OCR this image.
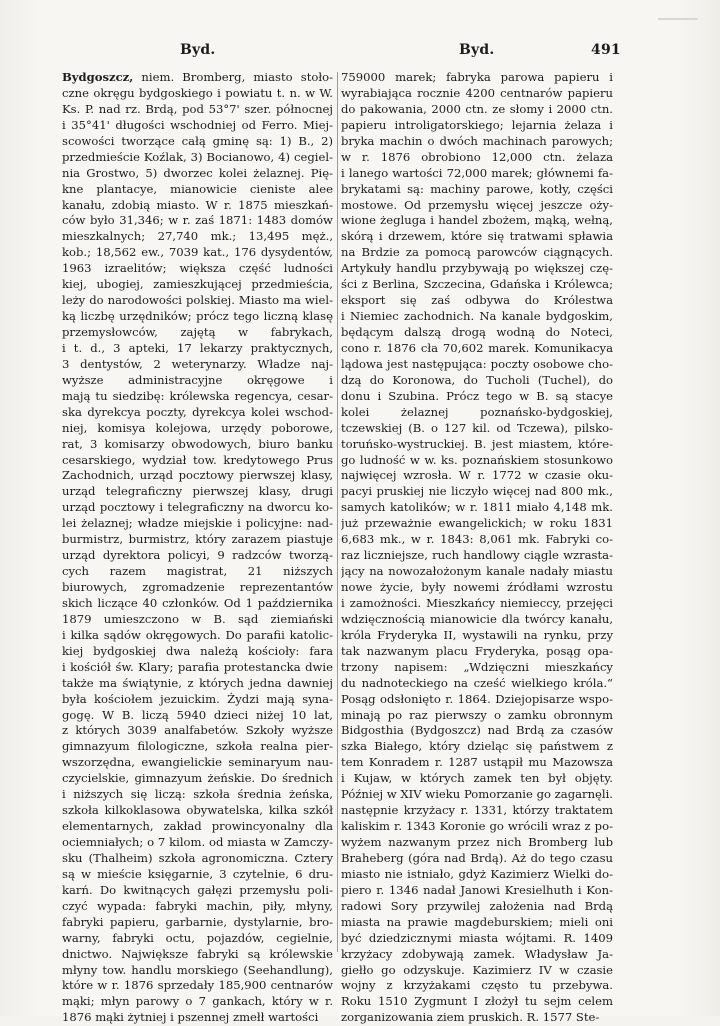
Byd.	Byd.	491
Bydgoszcz, niem. Bromberg, miasto stoło-
czne okręgu bydgoskiego i powiatu t. n. w W.
Ks. P. nad rz. Brdą, pod 53°7' szer. północnej
i 35°41' długości wschodniej od Ferro. Miej-
scowości tworzące całą gminę są: 1) B., 2)
przedmieście Koźlak, 3) Bocianowo, 4) cegiel-
nia Grostwo, 5) dworzec kolei żelaznej. Pię-
kne plantacye, mianowicie cieniste alee
kanału, zdobią miasto. W r. 1875 mieszkań-
ców było 31,346; w r. zaś 1871: 1483 domów
mieszkalnych; 27,740 mk.; 13,495 męż.,
kob.; 18,562 ew., 7039 kat., 176 dysydentów,
1963 izraelitów; większa część ludności
kiej, ubogiej, zamieszkującej przedmieścia,
leży do narodowości polskiej. Miasto ma wiel-
ką liczbę urzędników; prócz tego liczną klasę
przemysłowców, zajętą w fabrykach,
i t. d., 3 apteki, 17 lekarzy praktycznych,
3 dentystów, 2 weterynarzy. Władze naj-
wyższe administracyjne okręgowe i
mają tu siedzibę: królewska regencya, cesar-
ska dyrekcya poczty, dyrekcya kolei wschod-
niej, komisya kolejowa, urzędy poborowe,
rat, 3 komisarzy obwodowych, biuro banku
cesarskiego, wydział tow. kredytowego Prus
Zachodnich, urząd pocztowy pierwszej klasy,
urząd telegraficzny pierwszej klasy, drugi
urząd pocztowy i telegraficzny na dworcu ko-
lei żelaznej; władze miejskie i policyjne: nad-
burmistrz, burmistrz, który zarazem piastuje
urząd dyrektora policyi, 9 radzców tworzą-
cych razem magistrat, 21 niższych
biurowych, zgromadzenie reprezentantów
skich liczące 40 członków. Od 1 października
1879 umieszczono w B. sąd ziemiański
i kilka sądów okręgowych. Do parafii katolic-
kiej bydgoskiej dwa należą kościoły: fara
i kościół św. Klary; parafia protestancka dwie
także ma świątynie, z których jedna dawniej
była kościołem jezuickim. Żydzi mają syna-
gogę. W B. liczą 5940 dzieci niżej 10 lat,
z których 3039 analfabetów. Szkoły wyższe
gimnazyum filologiczne, szkoła realna pier-
wszorzędna, ewangielickie seminaryum nau-
czycielskie, gimnazyum żeńskie. Do średnich
i niższych się liczą: szkoła średnia żeńska,
szkoła kilkoklasowa obywatelska, kilka szkół
elementarnych, zakład prowincyonalny dla
ociemniałych; o 7 kilom. od miasta w Zamczy-
sku (Thalheim) szkoła agronomiczna. Cztery
są w mieście księgarnie, 3 czytelnie, 6 dru-
karń. Do kwitnących gałęzi przemysłu poli-
czyć wypada: fabryki machin, piły, młyny,
fabryki papieru, garbarnie, dystylarnie, bro-
warny, fabryki octu, pojazdów, cegielnie,
dnictwo. Największe fabryki są królewskie
młyny tow. handlu morskiego (Seehandlung),
które w r. 1876 sprzedały 185,900 centnarów
mąki; młyn parowy o 7 gankach, który w r.
1876 mąki żytniej i pszennej zmełł wartości
759000 marek; fabryka parowa papieru i
wyrabiająca rocznie 4200 centnarów papieru
do pakowania, 2000 ctn. ze słomy i 2000 ctn.
papieru introligatorskiego; lejarnia żelaza i
bryka machin o dwóch machinach parowych;
w r. 1876 obrobiono 12,000 ctn. żelaza
i lanego wartości 72,000 marek; głównemi fa-
brykatami są: machiny parowe, kotły, części
mostowe. Od przemysłu więcej jeszcze oży-
wione żegluga i handel zbożem, mąką, wełną,
skórą i drzewem, które się tratwami spławia
na Brdzie za pomocą parowców ciągnących.
Artykuły handlu przybywają po większej czę-
ści z Berlina, Szczecina, Gdańska i Królewca;
eksport się zaś odbywa do Królestwa
i Niemiec zachodnich. Na kanale bydgoskim,
będącym dalszą drogą wodną do Noteci,
cono r. 1876 cła 70,602 marek. Komunikacya
lądowa jest następująca: poczty osobowe cho-
dzą do Koronowa, do Tucholi (Tuchel), do
donu i Szubina. Prócz tego w B. są stacye
kolei żelaznej poznańsko-bydgoskiej,
tczewskiej (B. o 127 kil. od Tczewa), pilsko-
toruńsko-wystruckiej. B. jest miastem, które-
go ludność w w. ks. poznańskiem stosunkowo
najwięcej wzrosła. W r. 1772 w czasie oku-
pacyi pruskiej nie liczyło więcej nad 800 mk.,
samych katolików; w r. 1811 miało 4,148 mk.
już przeważnie ewangelickich; w roku 1831
6,683 mk., w r. 1843: 8,061 mk. Fabryki co-
raz liczniejsze, ruch handlowy ciągle wzrasta-
jący na nowozałożonym kanale nadały miastu
nowe życie, były nowemi źródłami wzrostu
i zamożności. Mieszkańcy niemieccy, przejęci
wdzięcznością mianowicie dla twórcy kanału,
króla Fryderyka II, wystawili na rynku, przy
tak nazwanym placu Fryderyka, posąg opa-
trzony napisem: „Wdzięczni mieszkańcy
du nadnoteckiego na cześć wielkiego króla.“
Posąg odsłonięto r. 1864. Dziejopisarze wspo-
minają po raz pierwszy o zamku obronnym
Bidgosthia (Bydgoszcz) nad Brdą za czasów
szka Białego, który dzieląc się państwem z
tem Konradem r. 1287 ustąpił mu Mazowsza
i Kujaw, w których zamek ten był objęty.
Później w XIV wieku Pomorzanie go zagarnęli.
następnie krzyżacy r. 1331, którzy traktatem
kaliskim r. 1343 Koronie go wrócili wraz z po-
wyżem nazwanym przez nich Bromberg lub
Braheberg (góra nad Brdą). Aż do tego czasu
miasto nie istniało, gdyż Kazimierz Wielki do-
piero r. 1346 nadał Janowi Kresielhuth i Kon-
radowi Sory przywilej założenia nad Brdą
miasta na prawie magdeburskiem; mieli oni
być dziedzicznymi miasta wójtami. R. 1409
krzyżacy zdobywają zamek. Władysław Ja-
giełło go odzyskuje. Kazimierz IV w czasie
wojny z krzyżakami często tu przebywa.
Roku 1510 Zygmunt I złożył tu sejm celem
zorganizowania ziem pruskich. R. 1577 Ste-
